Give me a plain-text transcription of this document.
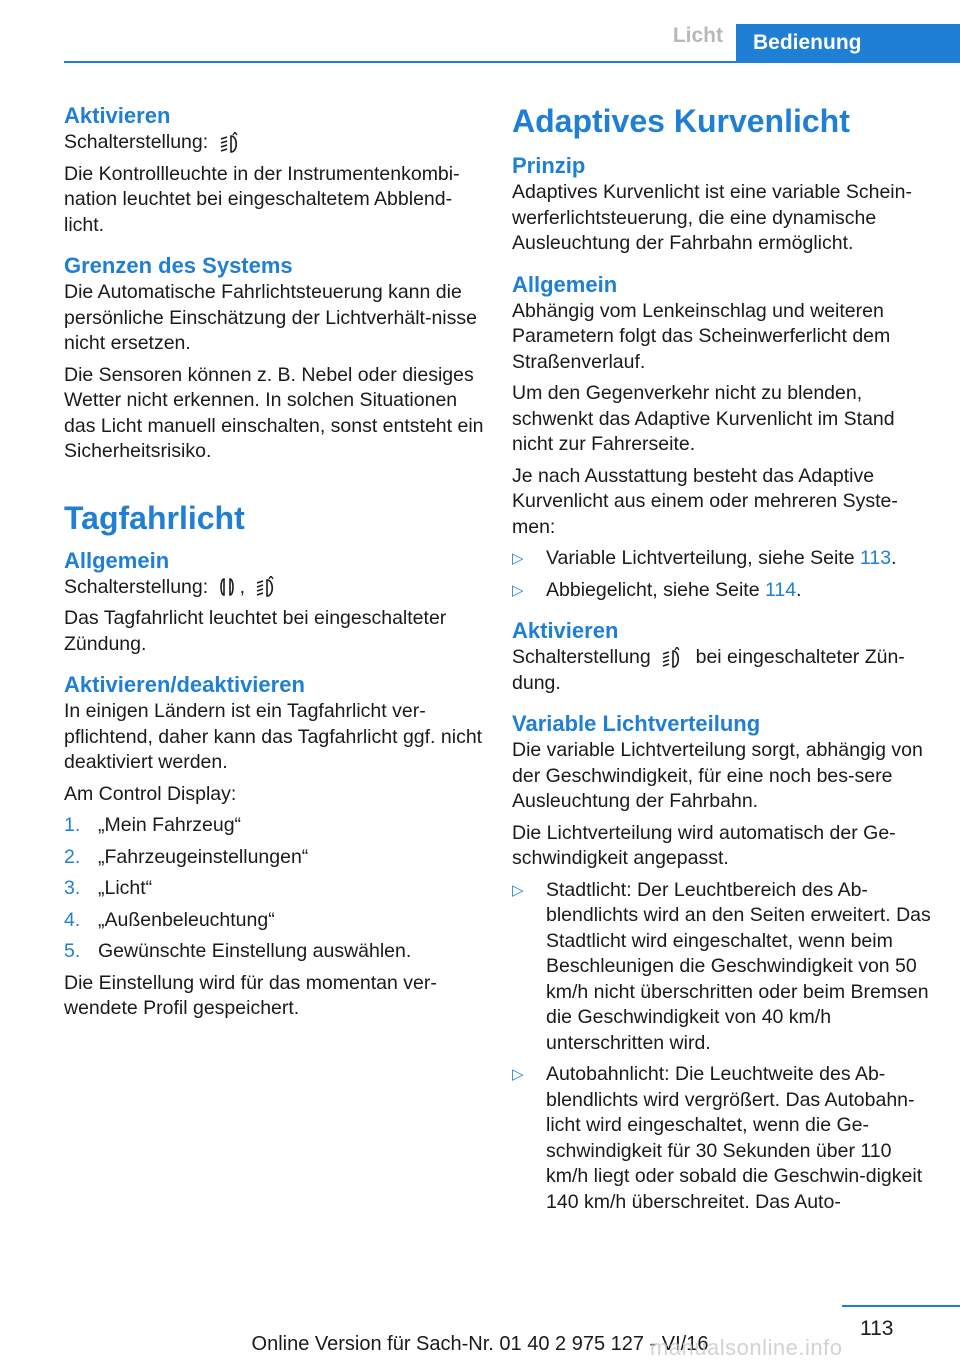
Licht	Bedienung
Aktivieren

Schalterstellung:

Die Kontrollleuchte in der Instrumentenkombi‐nation leuchtet bei eingeschaltetem Abblend‐licht.

Grenzen des Systems

Die Automatische Fahrlichtsteuerung kann die persönliche Einschätzung der Lichtverhält‐nisse nicht ersetzen.

Die Sensoren können z. B. Nebel oder diesiges Wetter nicht erkennen. In solchen Situationen das Licht manuell einschalten, sonst entsteht ein Sicherheitsrisiko.

Tagfahrlicht
Allgemein

Schalterstellung: ,

Das Tagfahrlicht leuchtet bei eingeschalteter Zündung.

Aktivieren/deaktivieren

In einigen Ländern ist ein Tagfahrlicht ver‐pflichtend, daher kann das Tagfahrlicht ggf. nicht deaktiviert werden.

Am Control Display:

1. „Mein Fahrzeug“
2. „Fahrzeugeinstellungen“
3. „Licht“
4. „Außenbeleuchtung“
5. Gewünschte Einstellung auswählen.

Die Einstellung wird für das momentan ver‐wendete Profil gespeichert.

Adaptives Kurvenlicht
Prinzip

Adaptives Kurvenlicht ist eine variable Schein‐werferlichtsteuerung, die eine dynamische Ausleuchtung der Fahrbahn ermöglicht.

Allgemein

Abhängig vom Lenkeinschlag und weiteren Parametern folgt das Scheinwerferlicht dem Straßenverlauf.

Um den Gegenverkehr nicht zu blenden, schwenkt das Adaptive Kurvenlicht im Stand nicht zur Fahrerseite.

Je nach Ausstattung besteht das Adaptive Kurvenlicht aus einem oder mehreren Syste‐men:

▷ Variable Lichtverteilung, siehe Seite 113.
▷ Abbiegelicht, siehe Seite 114.
Aktivieren

Schalterstellung bei eingeschalteter Zün‐dung.

Variable Lichtverteilung

Die variable Lichtverteilung sorgt, abhängig von der Geschwindigkeit, für eine noch bes‐sere Ausleuchtung der Fahrbahn.

Die Lichtverteilung wird automatisch der Ge‐schwindigkeit angepasst.

▷ Stadtlicht: Der Leuchtbereich des Ab‐blendlichts wird an den Seiten erweitert. Das Stadtlicht wird eingeschaltet, wenn beim Beschleunigen die Geschwindigkeit von 50 km/h nicht überschritten oder beim Bremsen die Geschwindigkeit von 40 km/h unterschritten wird.
▷ Autobahnlicht: Die Leuchtweite des Ab‐blendlichts wird vergrößert. Das Autobahn‐licht wird eingeschaltet, wenn die Ge‐schwindigkeit für 30 Sekunden über 110 km/h liegt oder sobald die Geschwin‐digkeit 140 km/h überschreitet. Das Auto‐
113
Online Version für Sach-Nr. 01 40 2 975 127 - VI/16
manualsonline.info
